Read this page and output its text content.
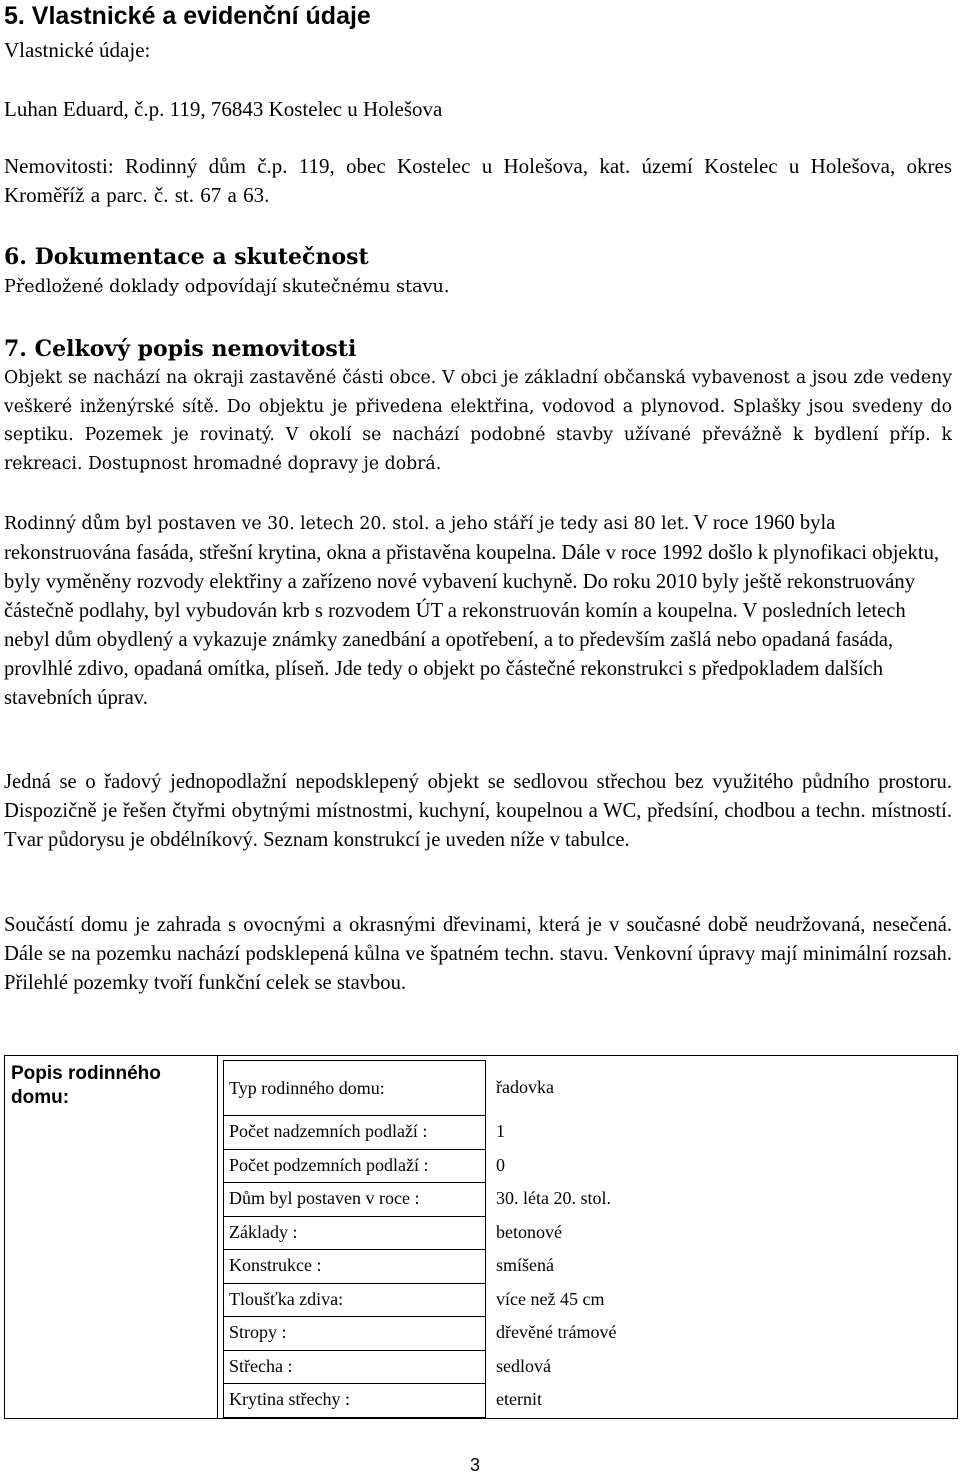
5. Vlastnické a evidenční údaje
Vlastnické údaje:
Luhan Eduard, č.p. 119, 76843 Kostelec u Holešova
Nemovitosti: Rodinný dům č.p. 119, obec Kostelec u Holešova, kat. území Kostelec u Holešova, okres Kroměříž a parc. č. st. 67 a 63.
6. Dokumentace a skutečnost
Předložené doklady odpovídají skutečnému stavu.
7. Celkový popis nemovitosti
Objekt se nachází na okraji zastavěné části obce. V obci je základní občanská vybavenost a jsou zde vedeny veškeré inženýrské sítě. Do objektu je přivedena elektřina, vodovod a plynovod. Splašky jsou svedeny do septiku. Pozemek je rovinatý. V okolí se nachází podobné stavby užívané převážně k bydlení příp. k rekreaci. Dostupnost hromadné dopravy je dobrá.
Rodinný dům byl postaven ve 30. letech 20. stol. a jeho stáří je tedy asi 80 let. V roce 1960 byla rekonstruována fasáda, střešní krytina, okna a přistavěna koupelna. Dále v roce 1992 došlo k plynofikaci objektu, byly vyměněny rozvody elektřiny a zařízeno nové vybavení kuchyně. Do roku 2010 byly ještě rekonstruovány částečně podlahy, byl vybudován krb s rozvodem ÚT a rekonstruován komín a koupelna. V posledních letech nebyl dům obydlený a vykazuje známky zanedbání a opotřebení, a to především zašlá nebo opadaná fasáda, provlhlé zdivo, opadaná omítka, plíseň. Jde tedy o objekt po částečné rekonstrukci s předpokladem dalších stavebních úprav.
Jedná se o řadový jednopodlažní nepodsklepený objekt se sedlovou střechou bez využitého půdního prostoru. Dispozičně je řešen čtyřmi obytnými místnostmi, kuchyní, koupelnou a WC, předsíní, chodbou a techn. místností. Tvar půdorysu je obdélníkový. Seznam konstrukcí je uveden níže v tabulce.
Součástí domu je zahrada s ovocnými a okrasnými dřevinami, která je v současné době neudržovaná, nesečená. Dále se na pozemku nachází podsklepená kůlna ve špatném techn. stavu. Venkovní úpravy mají minimální rozsah. Přilehlé pozemky tvoří funkční celek se stavbou.
Popis rodinného domu:		Typ rodinného domu:	řadovka
Počet nadzemních podlaží :	1
Počet podzemních podlaží :	0
Dům byl postaven v roce :	30. léta 20. stol.
Základy :	betonové
Konstrukce :	smíšená
Tloušťka zdiva:	více než 45 cm
Stropy :	dřevěné trámové
Střecha :	sedlová
Krytina střechy :	eternit
3
